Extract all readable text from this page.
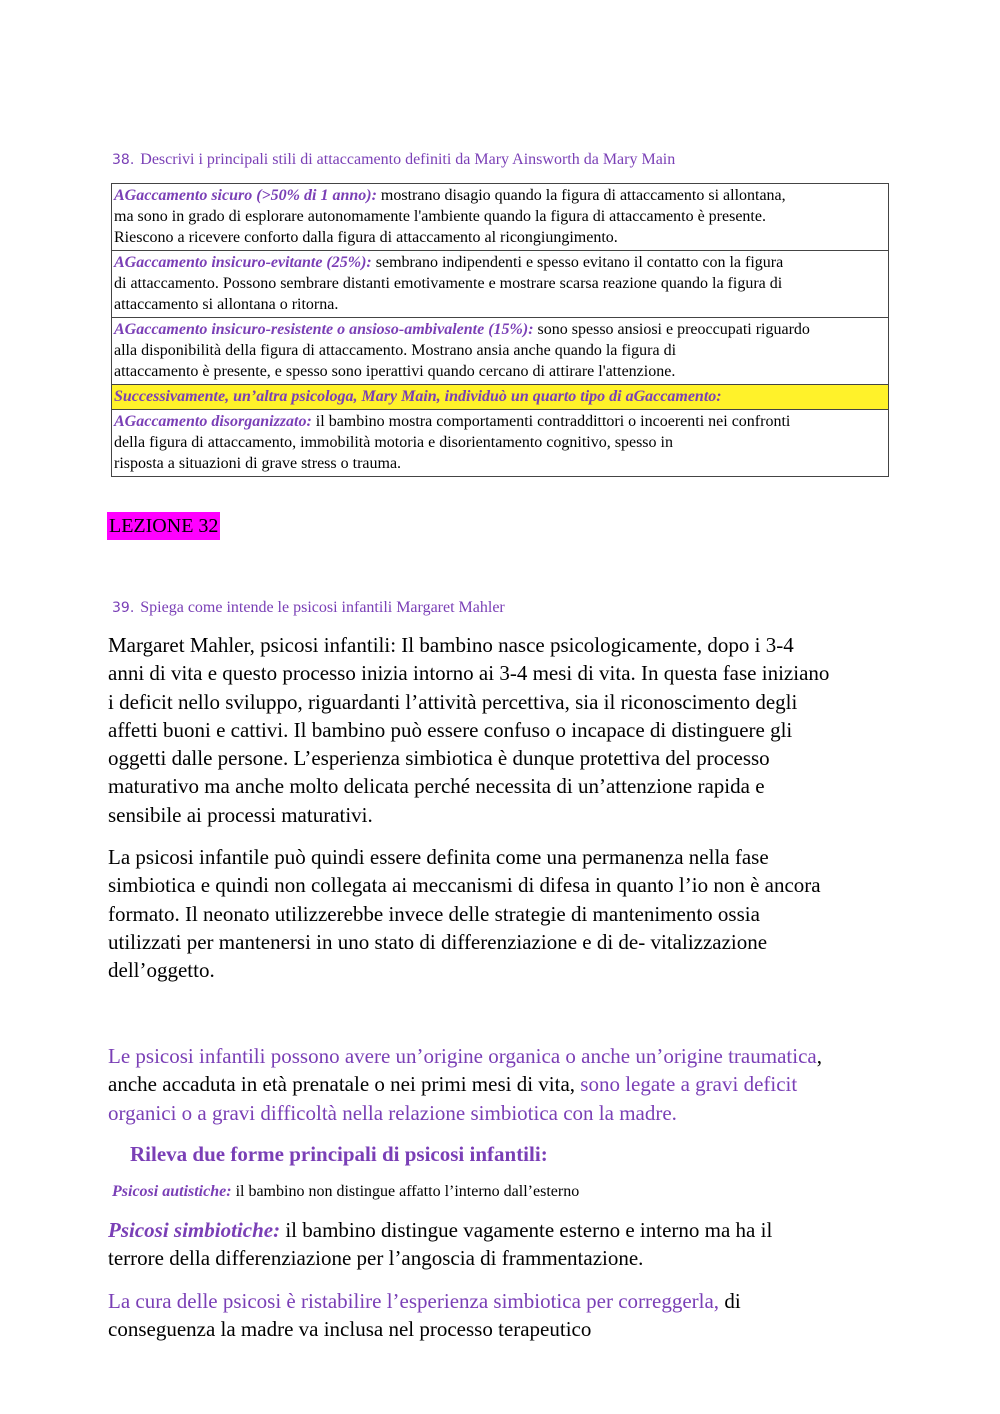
38. Descrivi i principali stili di attaccamento definiti da Mary Ainsworth da Mary Main
AGaccamento sicuro (>50% di 1 anno): mostrano disagio quando la figura di attaccamento si allontana,
ma sono in grado di esplorare autonomamente l'ambiente quando la figura di attaccamento è presente.
Riescono a ricevere conforto dalla figura di attaccamento al ricongiungimento.
AGaccamento insicuro-evitante (25%): sembrano indipendenti e spesso evitano il contatto con la figura
di attaccamento. Possono sembrare distanti emotivamente e mostrare scarsa reazione quando la figura di
attaccamento si allontana o ritorna.
AGaccamento insicuro-resistente o ansioso-ambivalente (15%): sono spesso ansiosi e preoccupati riguardo
alla disponibilità della figura di attaccamento. Mostrano ansia anche quando la figura di
attaccamento è presente, e spesso sono iperattivi quando cercano di attirare l'attenzione.
Successivamente, un’altra psicologa, Mary Main, individuò un quarto tipo di aGaccamento:
AGaccamento disorganizzato: il bambino mostra comportamenti contraddittori o incoerenti nei confronti
della figura di attaccamento, immobilità motoria e disorientamento cognitivo, spesso in
risposta a situazioni di grave stress o trauma.
LEZIONE 32
39. Spiega come intende le psicosi infantili Margaret Mahler

Margaret Mahler, psicosi infantili: Il bambino nasce psicologicamente, dopo i 3-4
anni di vita e questo processo inizia intorno ai 3-4 mesi di vita. In questa fase iniziano
i deficit nello sviluppo, riguardanti l’attività percettiva, sia il riconoscimento degli
affetti buoni e cattivi. Il bambino può essere confuso o incapace di distinguere gli
oggetti dalle persone. L’esperienza simbiotica è dunque protettiva del processo
maturativo ma anche molto delicata perché necessita di un’attenzione rapida e
sensibile ai processi maturativi.

La psicosi infantile può quindi essere definita come una permanenza nella fase
simbiotica e quindi non collegata ai meccanismi di difesa in quanto l’io non è ancora
formato. Il neonato utilizzerebbe invece delle strategie di mantenimento ossia
utilizzati per mantenersi in uno stato di differenziazione e di de- vitalizzazione
dell’oggetto.

Le psicosi infantili possono avere un’origine organica o anche un’origine traumatica,
anche accaduta in età prenatale o nei primi mesi di vita, sono legate a gravi deficit
organici o a gravi difficoltà nella relazione simbiotica con la madre.

Rileva due forme principali di psicosi infantili:
Psicosi autistiche: il bambino non distingue affatto l’interno dall’esterno

Psicosi simbiotiche: il bambino distingue vagamente esterno e interno ma ha il
terrore della differenziazione per l’angoscia di frammentazione.

La cura delle psicosi è ristabilire l’esperienza simbiotica per correggerla, di
conseguenza la madre va inclusa nel processo terapeutico
